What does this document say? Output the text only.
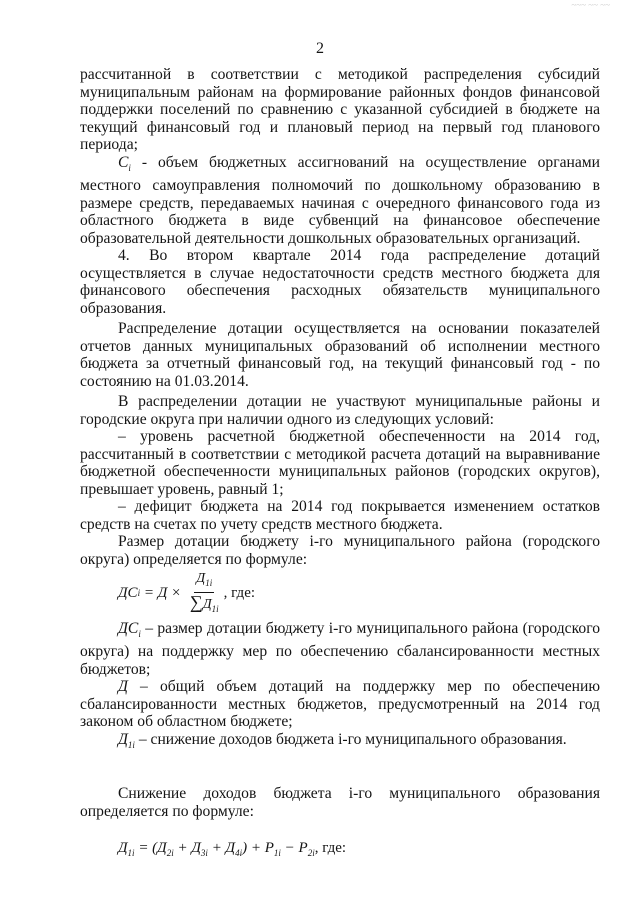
~~~ ~~ ~~
2

рассчитанной в соответствии с методикой распределения субсидий муниципальным районам на формирование районных фондов финансовой поддержки поселений по сравнению с указанной субсидией в бюджете на текущий финансовый год и плановый период на первый год планового периода;

$C_i$ - объем бюджетных ассигнований на осуществление органами местного самоуправления полномочий по дошкольному образованию в размере средств, передаваемых начиная с очередного финансового года из областного бюджета в виде субвенций на финансовое обеспечение образовательной деятельности дошкольных образовательных организаций.

4. Во втором квартале 2014 года распределение дотаций осуществляется в случае недостаточности средств местного бюджета для финансового обеспечения расходных обязательств муниципального образования.

Распределение дотации осуществляется на основании показателей отчетов данных муниципальных образований об исполнении местного бюджета за отчетный финансовый год, на текущий финансовый год - по состоянию на 01.03.2014.

В распределении дотации не участвуют муниципальные районы и городские округа при наличии одного из следующих условий:

– уровень расчетной бюджетной обеспеченности на 2014 год, рассчитанный в соответствии с методикой расчета дотаций на выравнивание бюджетной обеспеченности муниципальных районов (городских округов), превышает уровень, равный 1;

– дефицит бюджета на 2014 год покрывается изменением остатков средств на счетах по учету средств местного бюджета.

Размер дотации бюджету i-го муниципального района (городского округа) определяется по формуле:

ДС $i = Д \times \frac{Д_{1i}}{\sum Д_{1i}}$ , где:

$ДС_i$ – размер дотации бюджету i-го муниципального района (городского округа) на поддержку мер по обеспечению сбалансированности местных бюджетов;

Д – общий объем дотаций на поддержку мер по обеспечению сбалансированности местных бюджетов, предусмотренный на 2014 год законом об областном бюджете;

$Д_{1i}$ – снижение доходов бюджета i-го муниципального образования.

Снижение доходов бюджета i-го муниципального образования определяется по формуле:

$Д_{1i} = (Д_{2i} + Д_{3i} + Д_{4i}) + P_{1i} - P_{2i}$, где:
